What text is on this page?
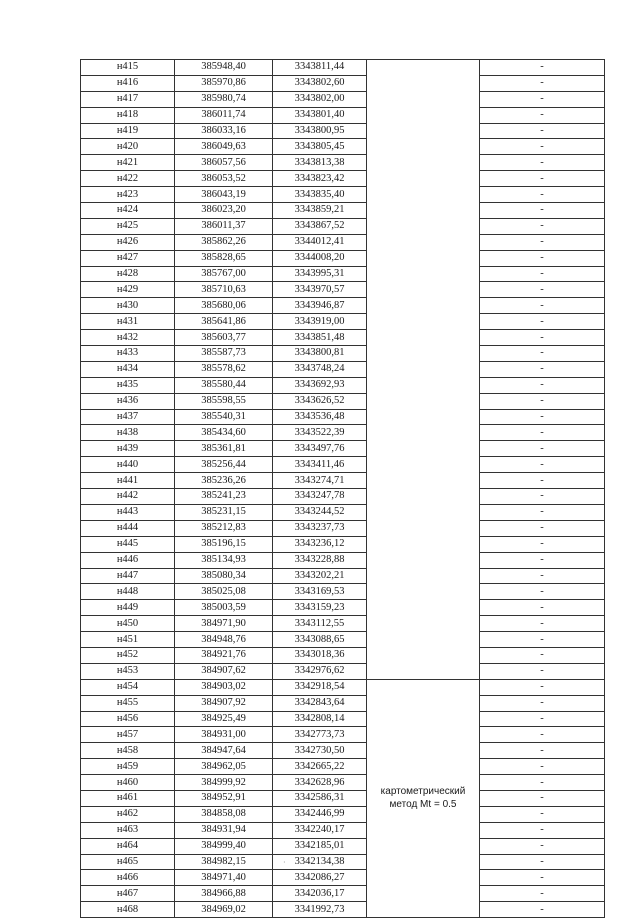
н415	385948,40	3343811,44		-
н416	385970,86	3343802,60		-
н417	385980,74	3343802,00		-
н418	386011,74	3343801,40		-
н419	386033,16	3343800,95		-
н420	386049,63	3343805,45		-
н421	386057,56	3343813,38		-
н422	386053,52	3343823,42		-
н423	386043,19	3343835,40		-
н424	386023,20	3343859,21		-
н425	386011,37	3343867,52		-
н426	385862,26	3344012,41		-
н427	385828,65	3344008,20		-
н428	385767,00	3343995,31		-
н429	385710,63	3343970,57		-
н430	385680,06	3343946,87		-
н431	385641,86	3343919,00		-
н432	385603,77	3343851,48		-
н433	385587,73	3343800,81		-
н434	385578,62	3343748,24		-
н435	385580,44	3343692,93		-
н436	385598,55	3343626,52		-
н437	385540,31	3343536,48		-
н438	385434,60	3343522,39		-
н439	385361,81	3343497,76		-
н440	385256,44	3343411,46		-
н441	385236,26	3343274,71		-
н442	385241,23	3343247,78		-
н443	385231,15	3343244,52		-
н444	385212,83	3343237,73		-
н445	385196,15	3343236,12		-
н446	385134,93	3343228,88		-
н447	385080,34	3343202,21		-
н448	385025,08	3343169,53		-
н449	385003,59	3343159,23		-
н450	384971,90	3343112,55		-
н451	384948,76	3343088,65		-
н452	384921,76	3343018,36		-
н453	384907,62	3342976,62		-
н454	384903,02	3342918,54	картометрический метод Mt = 0.5	-
н455	384907,92	3342843,64		-
н456	384925,49	3342808,14		-
н457	384931,00	3342773,73		-
н458	384947,64	3342730,50		-
н459	384962,05	3342665,22		-
н460	384999,92	3342628,96		-
н461	384952,91	3342586,31		-
н462	384858,08	3342446,99		-
н463	384931,94	3342240,17		-
н464	384999,40	3342185,01		-
н465	384982,15	3342134,38		-
н466	384971,40	3342086,27		-
н467	384966,88	3342036,17		-
н468	384969,02	3341992,73		-
·
